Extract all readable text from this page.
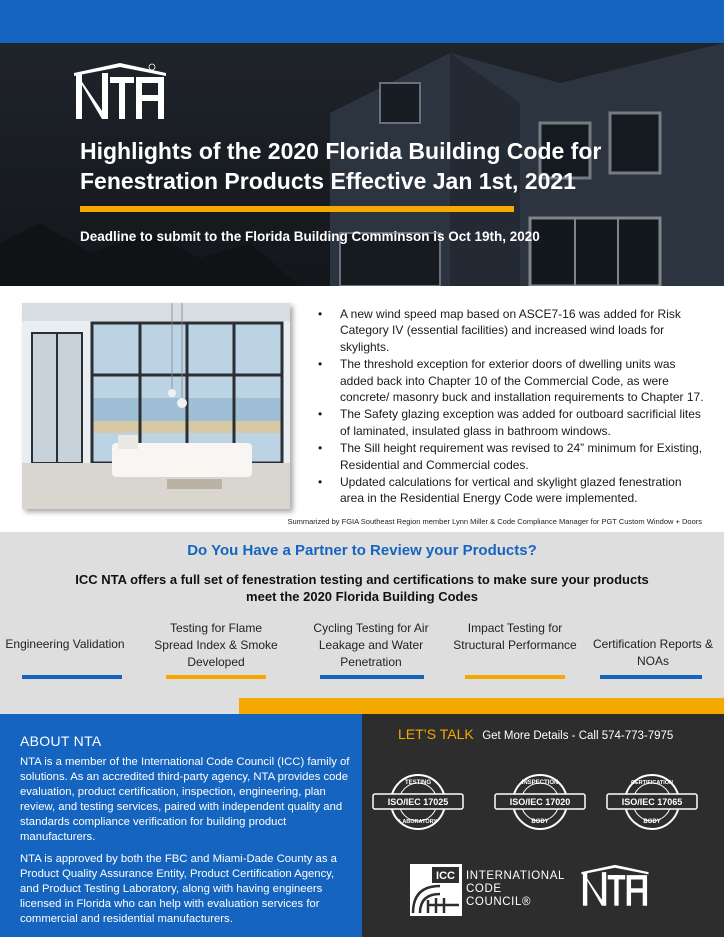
Highlights of the 2020 Florida Building Code for
Fenestration Products Effective Jan 1st, 2021
Deadline to submit to the Florida Building Comminson is Oct 19th, 2020
• A new wind speed map based on ASCE7-16 was added for Risk Category IV (essential facilities) and increased wind loads for skylights.
• The threshold exception for exterior doors of dwelling units was added back into Chapter 10 of the Commercial Code, as were concrete/ masonry buck and installation requirements to Chapter 17.
• The Safety glazing exception was added for outboard sacrificial lites of laminated, insulated glass in bathroom windows.
• The Sill height requirement was revised to 24” minimum for Existing, Residential and Commercial codes.
• Updated calculations for vertical and skylight glazed fenestration area in the Residential Energy Code were implemented.
Summarized by FGIA Southeast Region member Lynn Miller & Code Compliance Manager for PGT Custom Window + Doors
Do You Have a Partner to Review your Products?
ICC NTA offers a full set of fenestration testing and certifications to make sure your products meet the 2020 Florida Building Codes
Engineering Validation
Testing for Flame Spread Index & Smoke Developed
Cycling Testing for Air Leakage and Water Penetration
Impact Testing for Structural Performance	Certification Reports & NOAs
ABOUT NTA

NTA is a member of the International Code Council (ICC) family of solutions. As an accredited third-party agency, NTA provides code evaluation, product certification, inspection, engineering, plan review, and testing services, paired with independent quality and standards compliance verification for building product manufacturers.

NTA is approved by both the FBC and Miami-Dade County as a Product Quality Assurance Entity, Product Certification Agency, and Product Testing Laboratory, along with having engineers licensed in Florida who can help with evaluation services for commercial and residential manufacturers.

LET’S TALK Get More Details - Call 574-773-7975
TESTING
ISO/IEC 17025
LABORATORY
INSPECTION
ISO/IEC 17020
BODY
CERTIFICATION
ISO/IEC 17065
BODY
ICC INTERNATIONAL
CODE
COUNCIL®
